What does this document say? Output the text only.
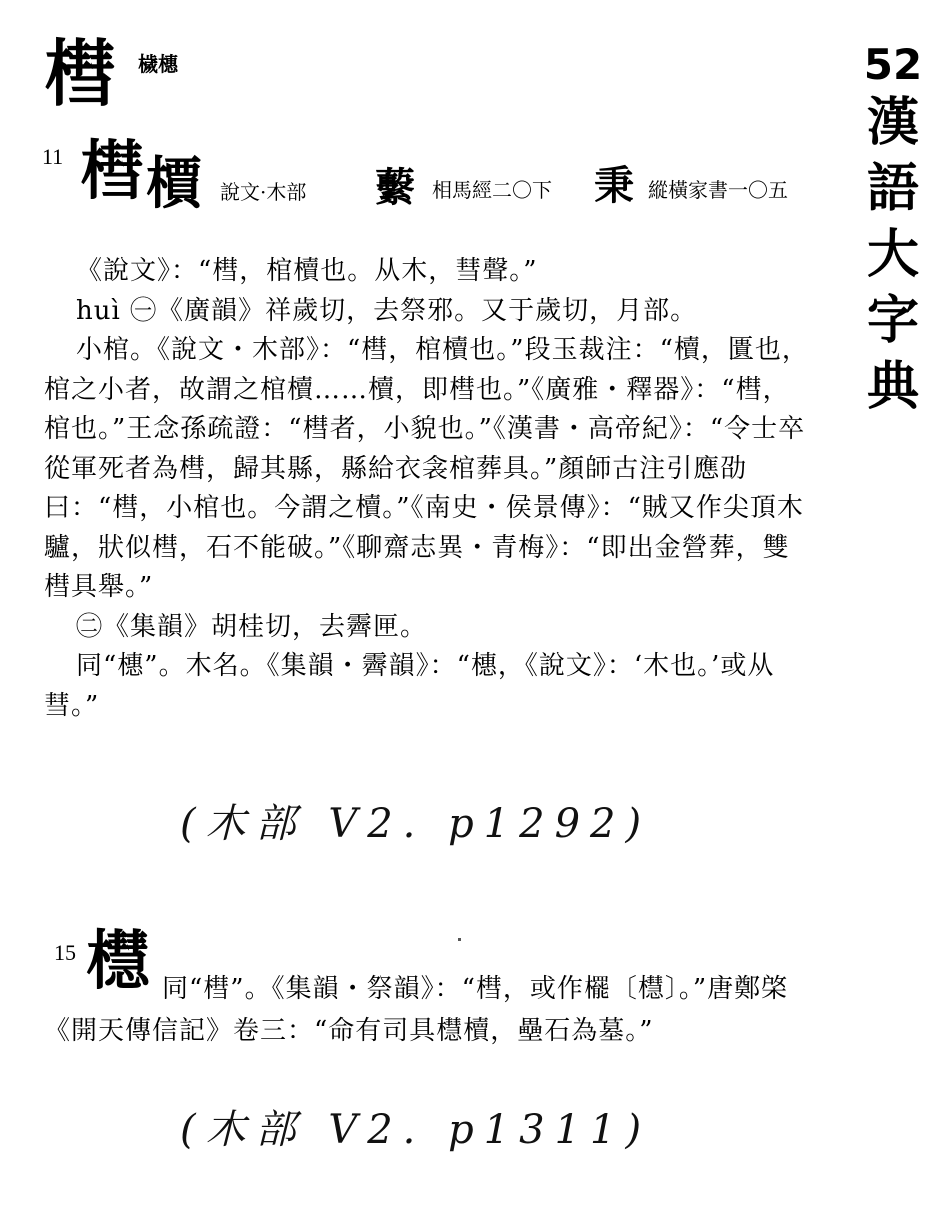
槥 檅橞	52
漢
語
大
字
典
11 槥 檟 說文·木部 蘻 相馬經二〇下 秉 縱橫家書一〇五

《說文》：“槥，棺櫝也。从木，彗聲。”

huì ㊀《廣韻》祥歲切，去祭邪。又于歲切，月部。

小棺。《說文・木部》：“槥，棺櫝也。”段玉裁注：“櫝，匱也，棺之小者，故謂之棺櫝……櫝，即槥也。”《廣雅・釋器》：“槥，棺也。”王念孫疏證：“槥者，小貌也。”《漢書・高帝紀》：“令士卒從軍死者為槥，歸其縣，縣給衣衾棺葬具。”顏師古注引應劭曰：“槥，小棺也。今謂之櫝。”《南史・侯景傳》：“賊又作尖頂木驢，狀似槥，石不能破。”《聊齋志異・青梅》：“即出金營葬，雙槥具舉。”

㊁《集韻》胡桂切，去霽匣。

同“橞”。木名。《集韻・霽韻》：“橞，《說文》：‘木也。’或从彗。”

(木部 V2. p1292)
15 櫘 同“槥”。《集韻・祭韻》：“槥，或作𣞻〔櫘〕。”唐鄭棨
《開天傳信記》卷三：“命有司具櫘櫝，壘石為墓。”
(木部 V2. p1311)
